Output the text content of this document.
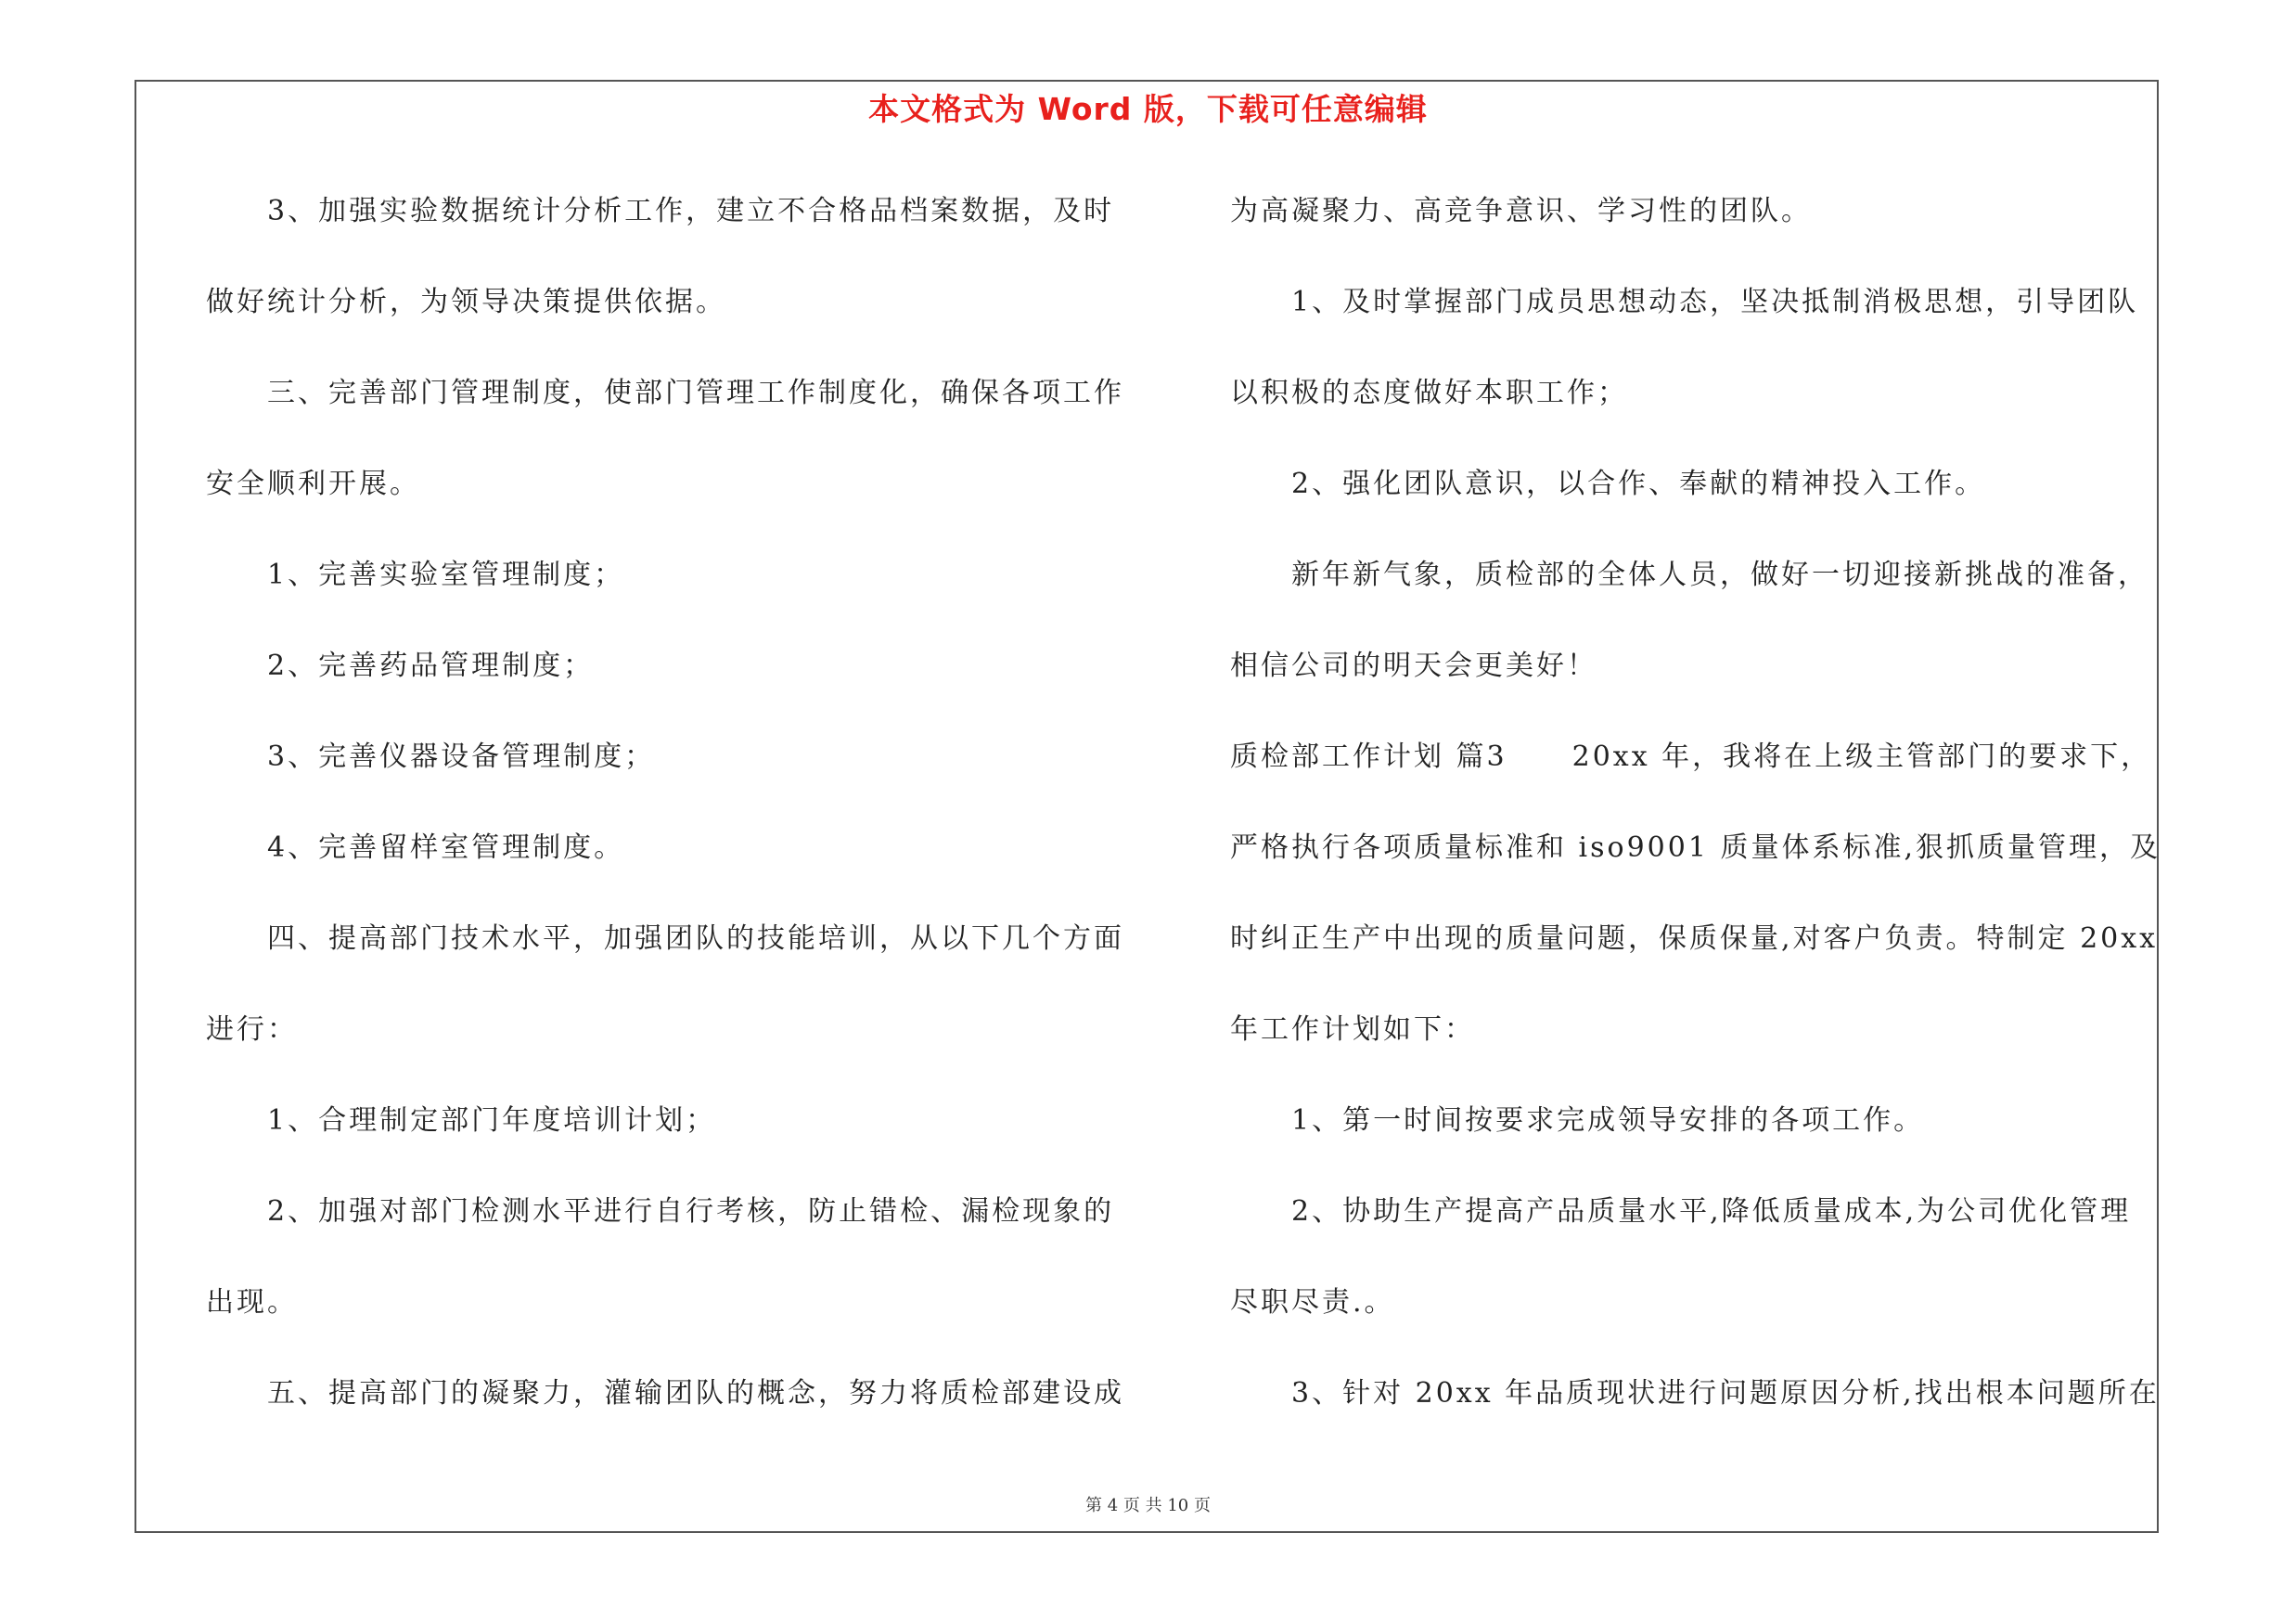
本文格式为 Word 版，下载可任意编辑
3、加强实验数据统计分析工作，建立不合格品档案数据，及时
做好统计分析，为领导决策提供依据。
三、完善部门管理制度，使部门管理工作制度化，确保各项工作
安全顺利开展。
1、完善实验室管理制度；
2、完善药品管理制度；
3、完善仪器设备管理制度；
4、完善留样室管理制度。
四、提高部门技术水平，加强团队的技能培训，从以下几个方面
进行：
1、合理制定部门年度培训计划；
2、加强对部门检测水平进行自行考核，防止错检、漏检现象的
出现。
五、提高部门的凝聚力，灌输团队的概念，努力将质检部建设成
为高凝聚力、高竞争意识、学习性的团队。
1、及时掌握部门成员思想动态，坚决抵制消极思想，引导团队
以积极的态度做好本职工作；
2、强化团队意识，以合作、奉献的精神投入工作。
新年新气象，质检部的全体人员，做好一切迎接新挑战的准备，
相信公司的明天会更美好！
质检部工作计划 篇3 20xx 年，我将在上级主管部门的要求下，
严格执行各项质量标准和 iso9001 质量体系标准,狠抓质量管理，及
时纠正生产中出现的质量问题，保质保量,对客户负责。特制定 20xx
年工作计划如下：
1、第一时间按要求完成领导安排的各项工作。
2、协助生产提高产品质量水平,降低质量成本,为公司优化管理
尽职尽责.。
3、针对 20xx 年品质现状进行问题原因分析,找出根本问题所在
第 4 页 共 10 页
